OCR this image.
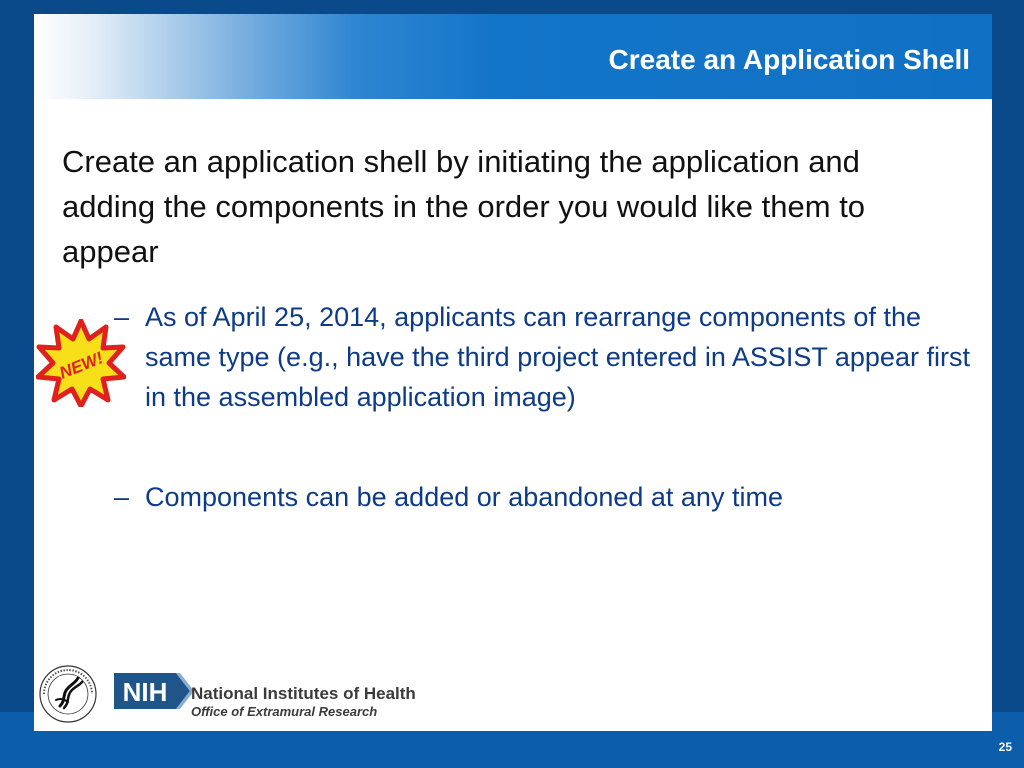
Create an Application Shell
Create an application shell by initiating the application and adding the components in the order you would like them to appear
NEW!
– As of April 25, 2014, applicants can rearrange components of the same type (e.g., have the third project entered in ASSIST appear first in the assembled application image)
– Components can be added or abandoned at any time
NIH National Institutes of Health
Office of Extramural Research
25
